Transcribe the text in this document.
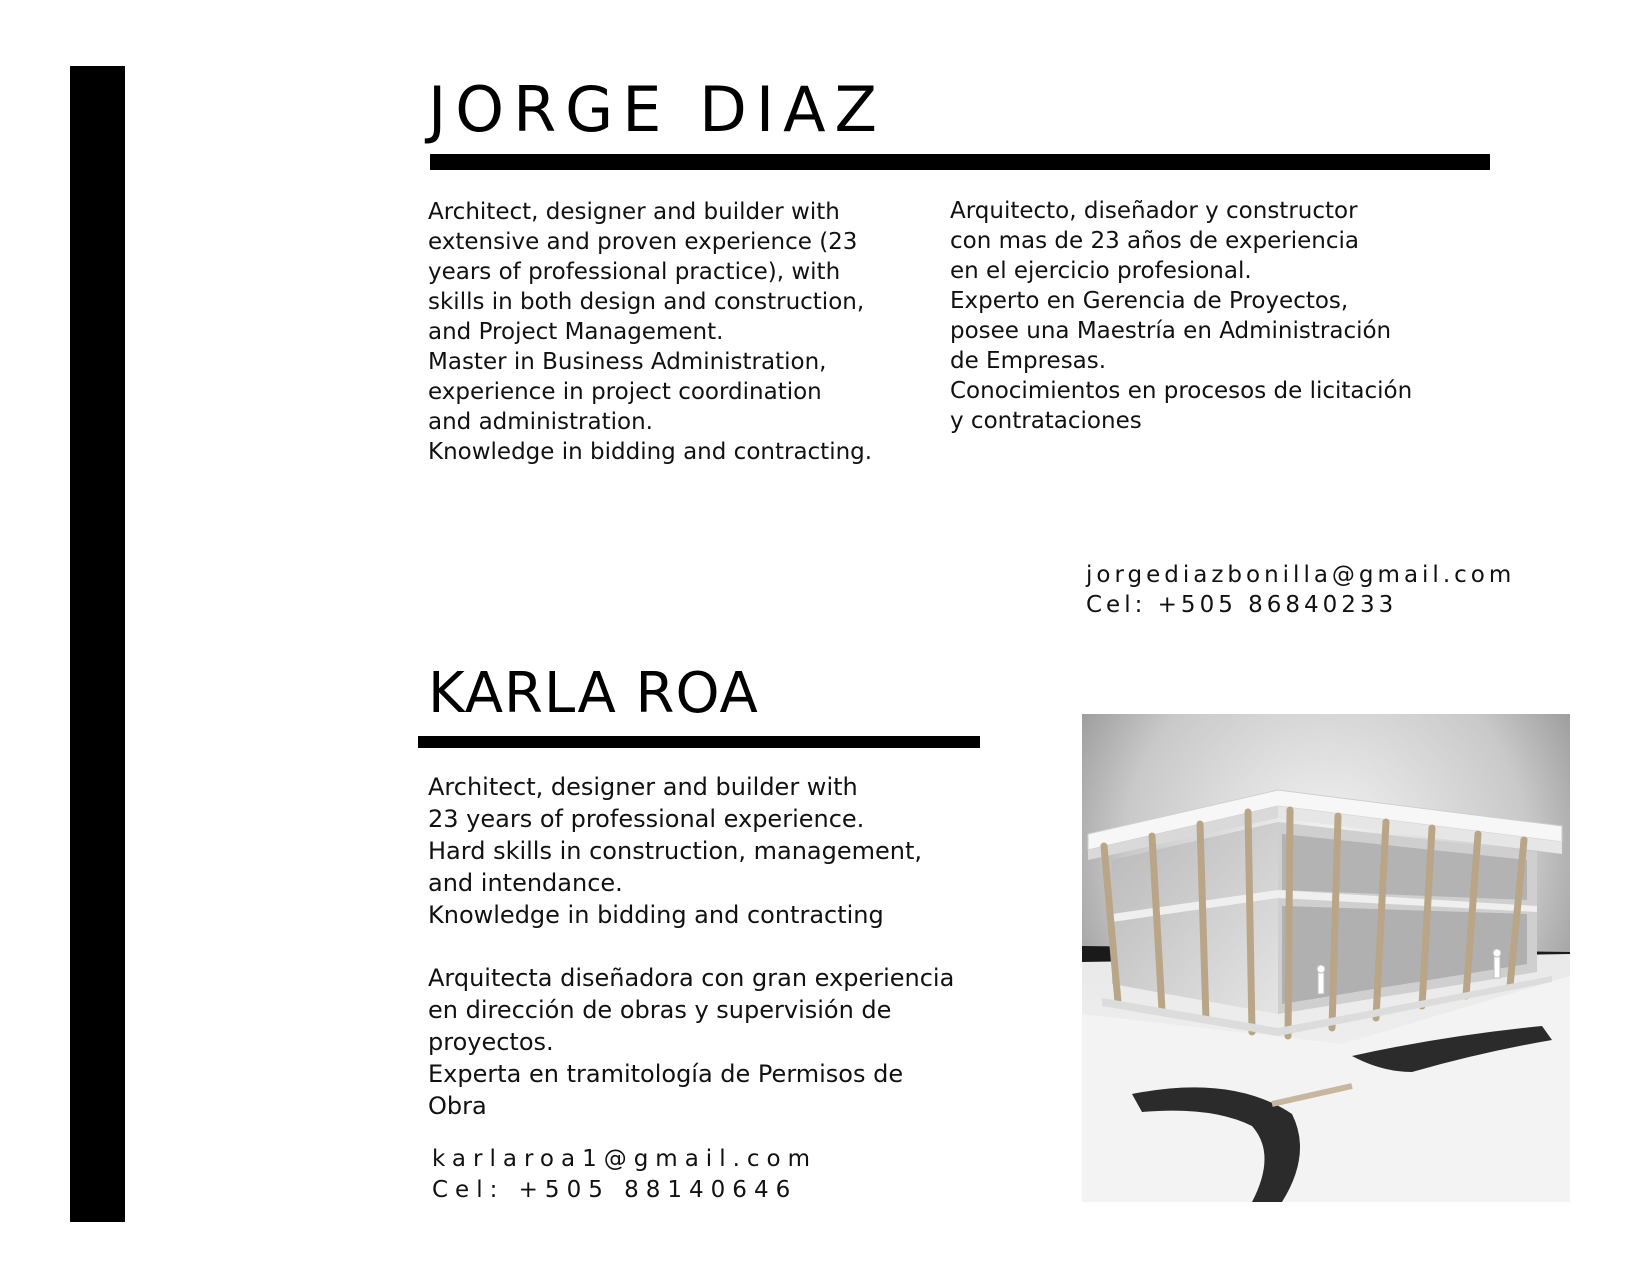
JORGE DIAZ
Architect, designer and builder with
extensive and proven experience (23
years of professional practice), with
skills in both design and construction,
and Project Management.
Master in Business Administration,
experience in project coordination
and administration.
Knowledge in bidding and contracting.
Arquitecto, diseñador y constructor
con mas de 23 años de experiencia
en el ejercicio profesional.
Experto en Gerencia de Proyectos,
posee una Maestría en Administración
de Empresas.
Conocimientos en procesos de licitación
y contrataciones
jorgediazbonilla@gmail.com
Cel: +505 86840233
KARLA ROA
Architect, designer and builder with
23 years of professional experience.
Hard skills in construction, management,
and intendance.
Knowledge in bidding and contracting
Arquitecta diseñadora con gran experiencia
en dirección de obras y supervisión de
proyectos.
Experta en tramitología de Permisos de
Obra
karlaroa1@gmail.com
Cel: +505 88140646
